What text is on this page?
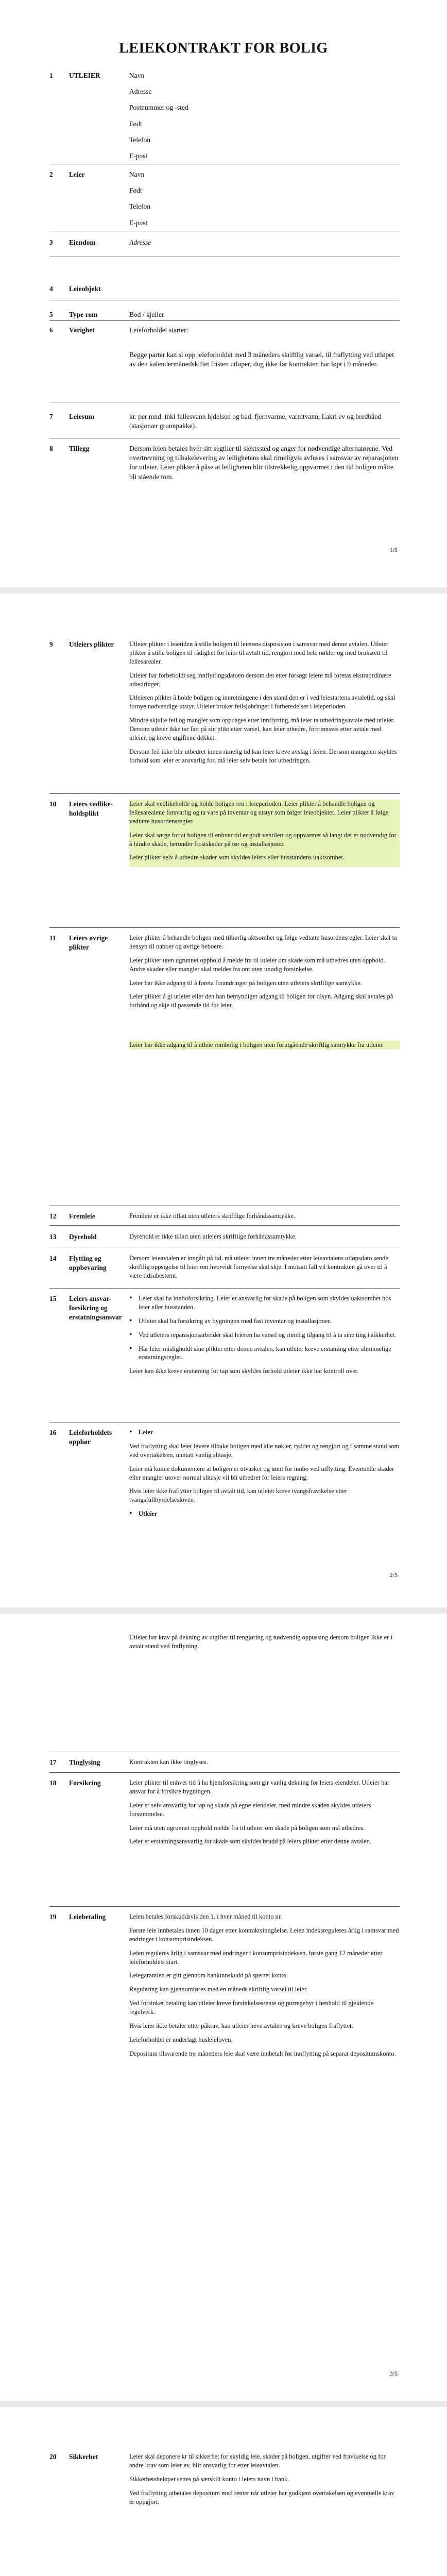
LEIEKONTRAKT FOR BOLIG
1	UTLEIER	Navn
Adresse
Postnummer og -sted
Født
Telefon
E-post
2	Leier	Navn
Født
Telefon
E-post
3	Eiendom	Adresse
4	Leieobjekt
5	Type rom	Bod / kjeller
6	Varighet	Leieforholdet starter:

Begge parter kan si opp leieforholdet med 3 måneders skriftlig varsel, til fraflytting ved utløpet av den kalendermånedskiftet fristen utløper, dog ikke før kontrakten har løpt i 9 måneder.

7	Leiesum	kr. per mnd. inkl fellesvann hjdelsen og bad, fjernvarme, varmtvann, Lakrì ev og bredbånd (stasjonær grunnpakke).
8	Tillegg	Dersom leien betales hver sitt segtlier til slektssted og anger for nødvendige alternatørene. Ved overtrevning og tilbakelevering av leilighetens skal rimeligvis avfuses i samsvar av reparasjonen for utleier. Leier plikter å påse at leiligheten blir tilstrekkelig oppvarmet i den tid boligen måtte bli stående tom.
1/5
9	Utleiers plikter	Utleier plikter i leietiden å stille boligen til leierens disposisjon i samsvar med denne avtalen. Utleier plikter å stille boligen til rådighet for leier til avtalt tid, rengjort med hele nøkler og med bruksrett til fellesarealer.

Utleier har forbeholdt seg innflyttingsdatoen dersom det etter førsøgt leiere må foretas ekstraordinære utbedringer.

Utleieren plikter å holde boligen og innretningene i den stand den er i ved leiestartens avtaletid, og skal fornye nødvendige utstyr. Utleier bruker feilsjøbringer i forberedelser i leieperioden.

Mindre skjulte feil og mangler som oppdages etter innflytting, må leier ta utbedringsavtale med utleier. Dersom utleier ikke tar fatt på sin plikt etter varsel, kan leier utbedre, fortrinnsvis etter avtale med utleier, og kreve utgiftene dekket.

Dersom feil ikke blir utbedret innen rimelig tid kan leier kreve avslag i leien. Dersom mangelen skyldes forhold som leier er ansvarlig for, må leier selv betale for utbedringen.

10	Leiers vedlike-holdsplikt

Leier skal vedlikeholde og holde boligen ren i leieperioden. Leier plikter å behandle boligen og fellesarealene forsvarlig og ta vare på inventar og utstyr som følger leieobjektet. Leier plikter å følge vedtatte husordensregler.

Leier skal sørge for at boligen til enhver tid er godt ventilert og oppvarmet så langt det er nødvendig for å hindre skade, herunder frostskader på rør og installasjoner.

Leier plikter selv å utbedre skader som skyldes leiers eller husstandens uaktsomhet.

11	Leiers øvrige plikter

Leier plikter å behandle boligen med tilbørlig aktsomhet og følge vedtatte husordensregler. Leier skal ta hensyn til naboer og øvrige beboere.

Leier plikter uten ugrunnet opphold å melde fra til utleier om skade som må utbedres uten opphold. Andre skader eller mangler skal meldes fra om uten unødig forsinkelse.

Leier har ikke adgang til å foreta forandringer på boligen uten utleiers skriftlige samtykke.

Leier plikter å gi utleier eller den han bemyndiger adgang til boligen for tilsyn. Adgang skal avtales på forhånd og skje til passende tid for leier.

Leier har ikke adgang til å utleie rombolig i boligen uten forutgående skriftlig samtykke fra utleier.

12	Fremleie	Fremleie er ikke tillatt uten utleiers skriftlige forhåndssamtykke.
13	Dyrehold	Dyrehold er ikke tillatt uten utleiers skriftlige forhåndssamtykke.
14	Flytting og oppbevaring
Dersom leieavtalen er inngått på tid, må utleier innen tre måneder etter leieavtalens utløpsdato sende skriftlig oppsigelse til leier om hvorvidt fornyelse skal skje. I motsatt fall vil kontrakten gå over til å være tidsubestemt.
15	Leiers ansvar-forsikring og erstatningsansvar

● Leier skal ha innboforsikring. Leier er ansvarlig for skade på boligen som skyldes uaktsomhet hos leier eller husstanden.

● Utleier skal ha forsikring av bygningen med fast inventar og installasjoner.

● Ved utleiers reparasjonsarbeider skal leieren ha varsel og rimelig tilgang til å ta sine ting i sikkerhet.

● Har leier misligholdt sine plikter etter denne avtalen, kan utleier kreve erstatning etter alminnelige erstatningsregler.

Leier kan ikke kreve erstatning for tap som skyldes forhold utleier ikke har kontroll over.

16	Leieforholdets opphør

● Leier

Ved fraflytting skal leier levere tilbake boligen med alle nøkler, ryddet og rengjort og i samme stand som ved overtakelsen, unntatt vanlig slitasje.

Leier må kunne dokumentere at boligen er utvasket og tømt for innbo ved utflytting. Eventuelle skader eller mangler utover normal slitasje vil bli utbedret for leiers regning.

Hvis leier ikke fraflytter boligen til avtalt tid, kan utleier kreve tvangsfravikelse etter tvangsfullbyrdelsesloven.

● Utleier

2/5
Utleier har krav på dekning av utgifter til rengjøring og nødvendig oppussing dersom boligen ikke er i avtalt stand ved fraflytting.
17	Tinglysing	Kontrakten kan ikke tinglyses.
18	Forsikring	Leier plikter til enhver tid å ha hjemforsikring som gir vanlig dekning for leiers eiendeler. Utleier har ansvar for å forsikre bygningen.

Leier er selv ansvarlig for tap og skade på egne eiendeler, med mindre skaden skyldes utleiers forsømmelse.

Leier må uten ugrunnet opphold melde fra til utleier om skade på boligen som må utbedres.

Leier er erstatningsansvarlig for skade som skyldes brudd på leiers plikter etter denne avtalen.

19	Leiebetaling	Leien betales forskuddsvis den 1. i hver måned til konto nr.

Første leie innbetales innen 10 dager etter kontraktsinngåelse. Leien indeksreguleres årlig i samsvar med endringer i konsumprisindeksen.

Leien reguleres årlig i samsvar med endringer i konsumprisindeksen, første gang 12 måneder etter leieforholdets start.

Leiegarantien er gitt gjennom bankinnskudd på sperret konto.

Regulering kan gjennomføres med én måneds skriftlig varsel til leier.

Ved forsinket betaling kan utleier kreve forsinkelsesrente og purregebyr i henhold til gjeldende regelverk.

Hvis leier ikke betaler etter påkrav, kan utleier heve avtalen og kreve boligen fraflyttet.

Leieforholdet er underlagt husleieloven.

Depositum tilsvarende tre måneders leie skal være innbetalt før innflytting på separat depositumskonto.

3/5
20	Sikkerhet	Leier skal deponere kr til sikkerhet for skyldig leie, skader på boligen, utgifter ved fravikelse og for andre krav som leier ev. blir ansvarlig for etter leieavtalen.

Sikkerhetsbeløpet settes på særskilt konto i leiers navn i bank.

Ved fraflytting utbetales depositum med renter når utleier har godkjent overtakelsen og eventuelle krav er oppgjort.
